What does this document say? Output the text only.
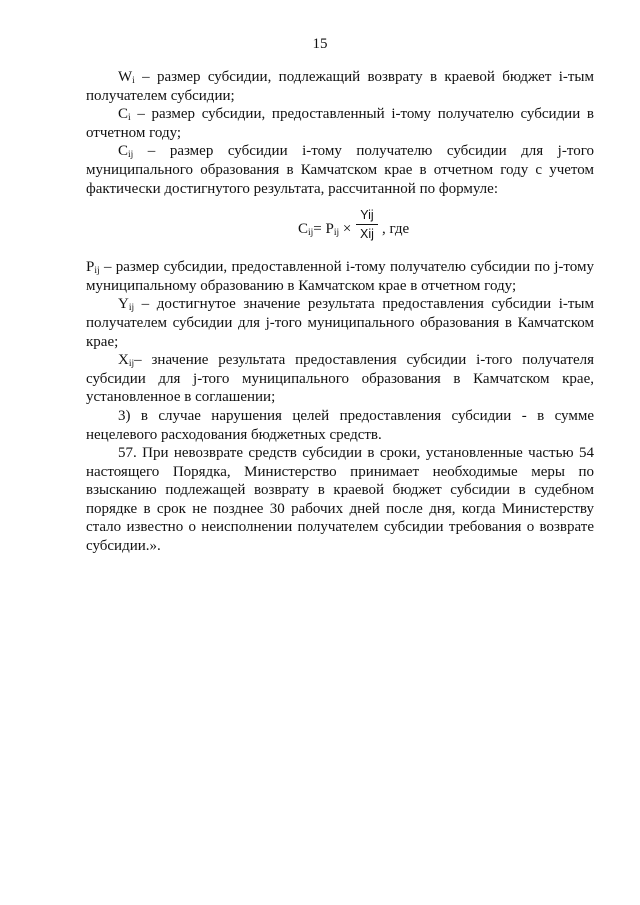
15

$W_i$ – размер субсидии, подлежащий возврату в краевой бюджет i-тым получателем субсидии;

$C_i$ – размер субсидии, предоставленный i-тому получателю субсидии в отчетном году;

$C_{ij}$ – размер субсидии i-тому получателю субсидии для j-того муниципального образования в Камчатском крае в отчетном году с учетом фактически достигнутого результата, рассчитанной по формуле:

$C_{ij}= P_{ij}$ ×
Yij
Xij , где

$P_{ij}$ – размер субсидии, предоставленной i-тому получателю субсидии по j-тому муниципальному образованию в Камчатском крае в отчетном году;

$Y_{ij}$ – достигнутое значение результата предоставления субсидии i-тым получателем субсидии для j-того муниципального образования в Камчатском крае;

$X_{ij}-$ значение результата предоставления субсидии i-того получателя субсидии для j-того муниципального образования в Камчатском крае, установленное в соглашении;

3) в случае нарушения целей предоставления субсидии - в сумме нецелевого расходования бюджетных средств.

57. При невозврате средств субсидии в сроки, установленные частью 54 настоящего Порядка, Министерство принимает необходимые меры по взысканию подлежащей возврату в краевой бюджет субсидии в судебном порядке в срок не позднее 30 рабочих дней после дня, когда Министерству стало известно о неисполнении получателем субсидии требования о возврате субсидии.».
